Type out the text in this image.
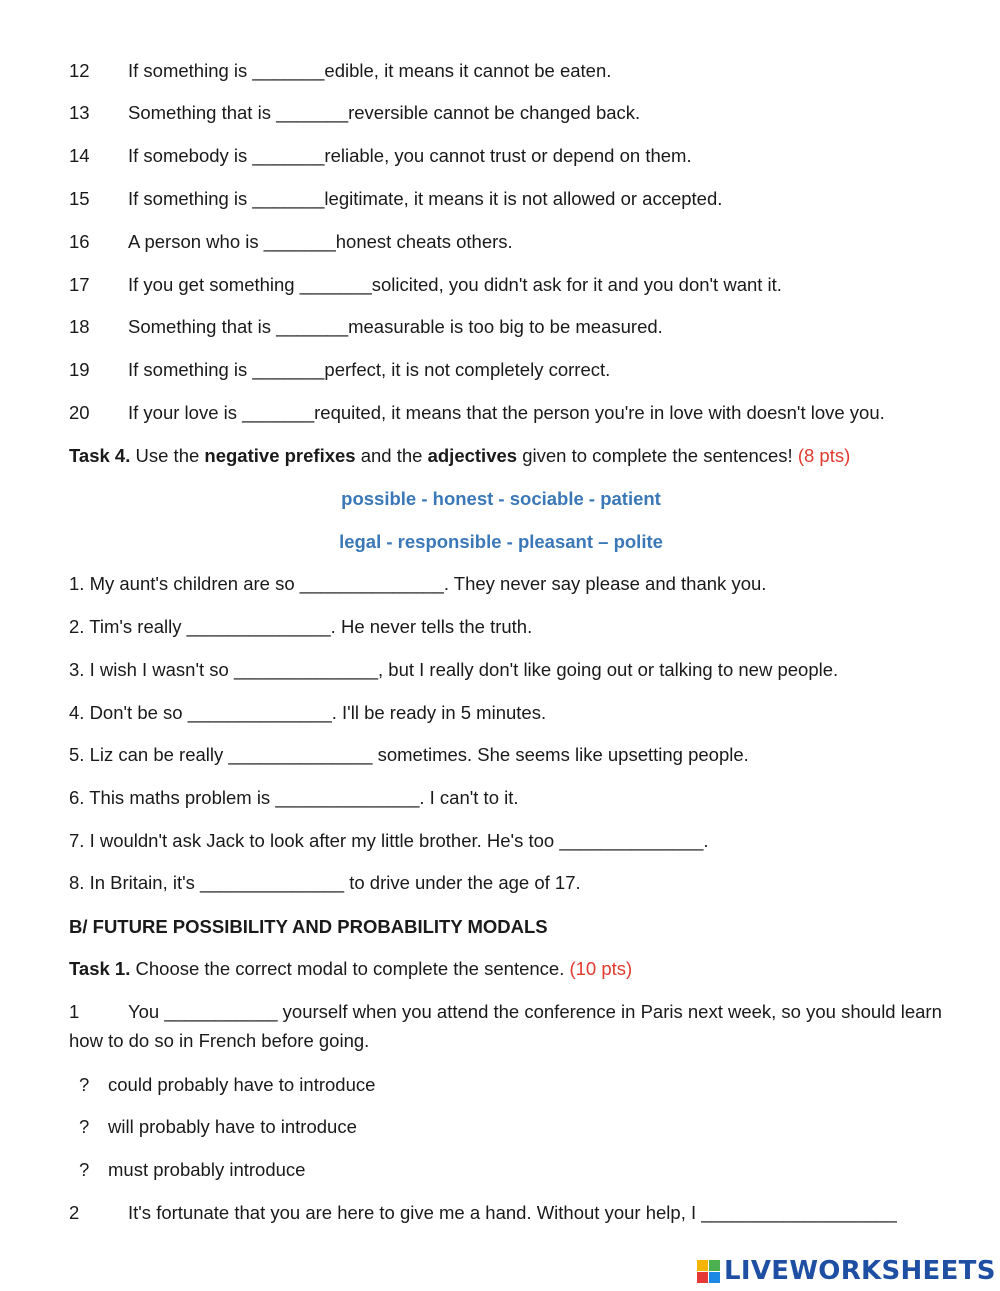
12 If something is _______edible, it means it cannot be eaten.
13 Something that is _______reversible cannot be changed back.
14 If somebody is _______reliable, you cannot trust or depend on them.
15 If something is _______legitimate, it means it is not allowed or accepted.
16 A person who is _______honest cheats others.
17 If you get something _______solicited, you didn't ask for it and you don't want it.
18 Something that is _______measurable is too big to be measured.
19 If something is _______perfect, it is not completely correct.
20 If your love is _______requited, it means that the person you're in love with doesn't love you.
Task 4. Use the negative prefixes and the adjectives given to complete the sentences! (8 pts)
possible - honest - sociable - patient
legal - responsible - pleasant – polite
1. My aunt's children are so ______________. They never say please and thank you.
2. Tim's really ______________. He never tells the truth.
3. I wish I wasn't so ______________, but I really don't like going out or talking to new people.
4. Don't be so ______________. I'll be ready in 5 minutes.
5. Liz can be really ______________ sometimes. She seems like upsetting people.
6. This maths problem is ______________. I can't to it.
7. I wouldn't ask Jack to look after my little brother. He's too ______________.
8. In Britain, it's ______________ to drive under the age of 17.
B/ FUTURE POSSIBILITY AND PROBABILITY MODALS
Task 1. Choose the correct modal to complete the sentence. (10 pts)
1	You ___________ yourself when you attend the conference in Paris next week, so you should learn how to do so in French before going.
? could probably have to introduce
? will probably have to introduce
? must probably introduce
2	It's fortunate that you are here to give me a hand. Without your help, I ___________________
LIVEWORKSHEETS
